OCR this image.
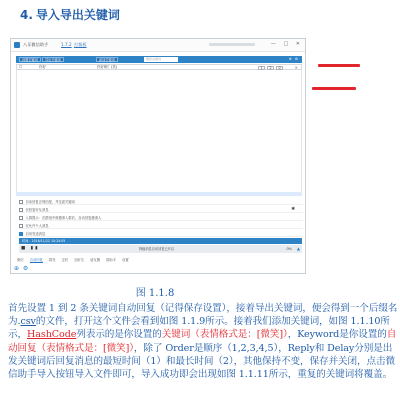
4. 导入导出关键词
八乐微信助手	1.7.2 打酱板	— □ ✕
设置关键词	导出关键词	添加关键词	搜索关键词	⊕ ⚙
☐	你好	你好啊！(笑)	1	2	0	✕
自动回复正则匹配，并过滤关键词
仅回复好友消息	✱
入群提示：在群组中被邀请入群后，自动回复邀请人
仅允许个人消息
启用发送消息
时间：2016/11/22 10:24:05
■ ▮▮	特输消息自动回复已开启	0% ▲
微信 自动回复 群发 定时 加好友 朋友圈 群助手 设置
⊕ ⚙
图 1.1.8

首先设置 1 到 2 条关键词自动回复（记得保存设置），接着导出关键词，便会得到一个后缀名为.csv的文件，打开这个文件会看到如图 1.1.9所示。接着我们添加关键词，如图 1.1.10所示，HashCode列表示的是你设置的关键词（表情格式是：[微笑]），Keyword是你设置的自动回复（表情格式是：[微笑]），除了 Order是顺序（1,2,3,4,5），Reply和 Delay分别是出发关键词后回复消息的最短时间（1）和最长时间（2），其他保持不变，保存并关闭，点击微信助手导入按钮导入文件即可，导入成功即会出现如图 1.1.11所示，重复的关键词将覆盖。
